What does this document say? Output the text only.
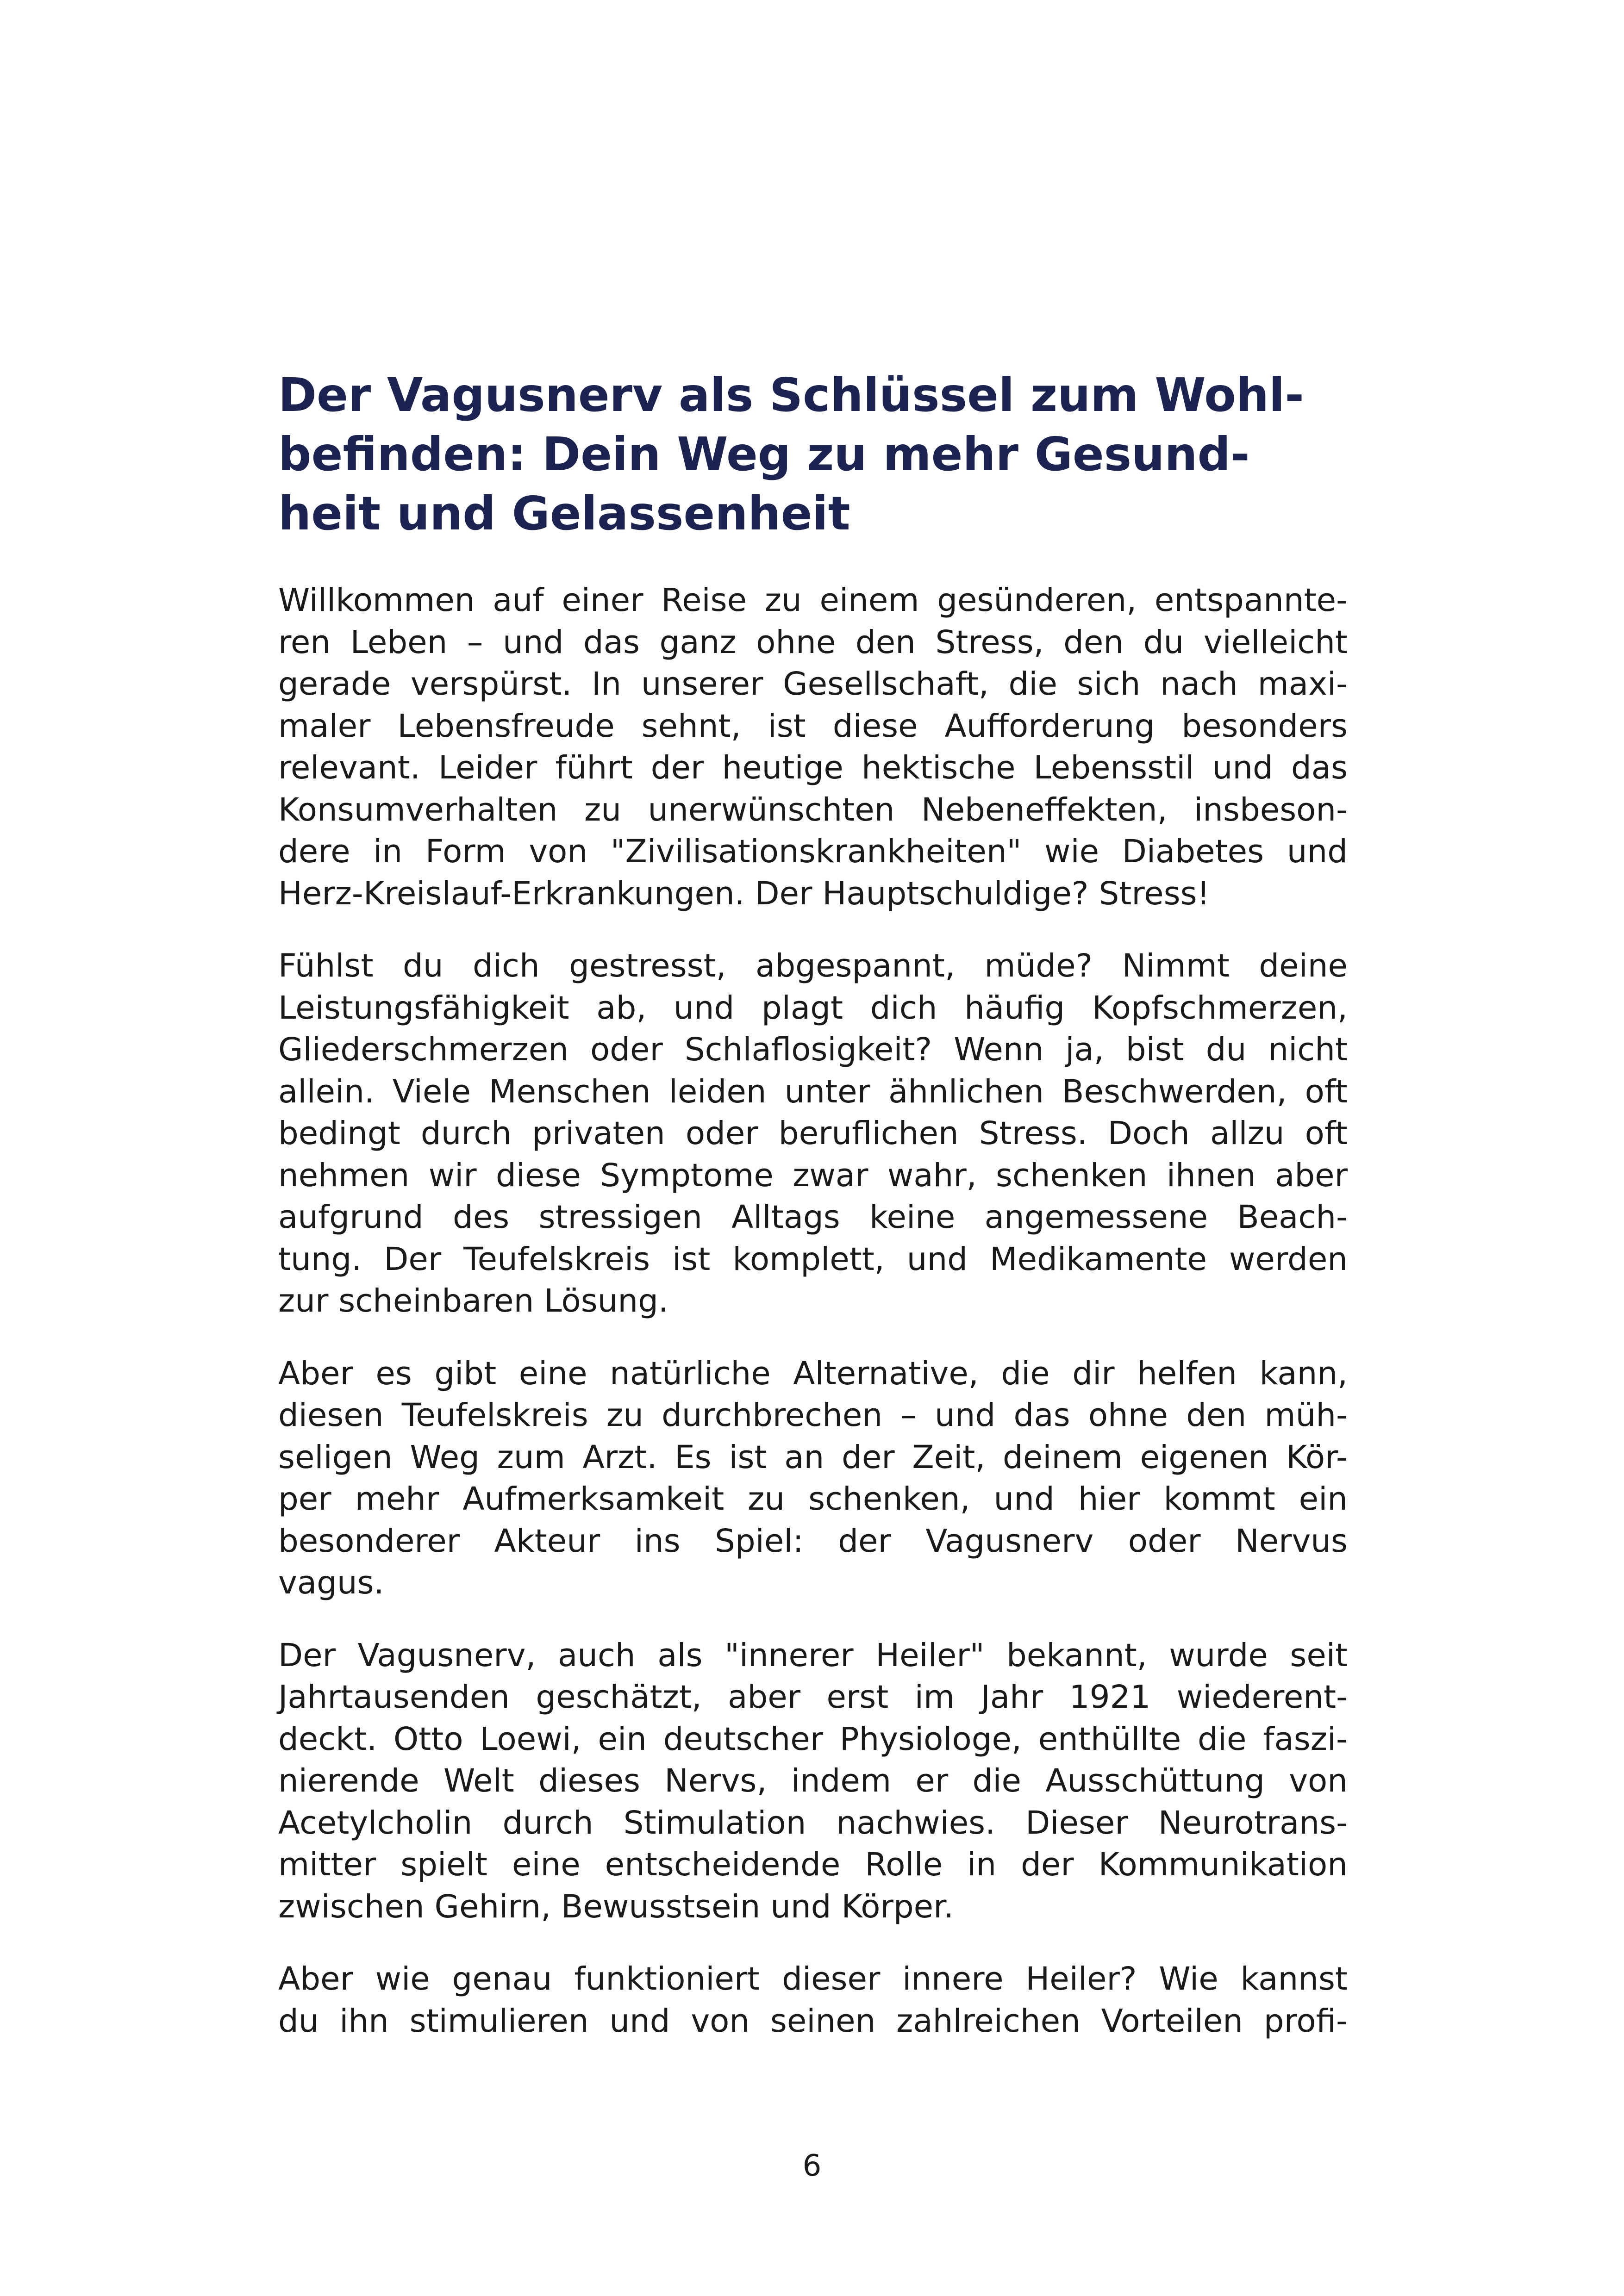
Der Vagusnerv als Schlüssel zum Wohl-
befinden: Dein Weg zu mehr Gesund-
heit und Gelassenheit

Willkommen auf einer Reise zu einem gesünderen, entspannte-
ren Leben – und das ganz ohne den Stress, den du vielleicht
gerade verspürst. In unserer Gesellschaft, die sich nach maxi-
maler Lebensfreude sehnt, ist diese Aufforderung besonders
relevant. Leider führt der heutige hektische Lebensstil und das
Konsumverhalten zu unerwünschten Nebeneffekten, insbeson-
dere in Form von "Zivilisationskrankheiten" wie Diabetes und
Herz-Kreislauf-Erkrankungen. Der Hauptschuldige? Stress!

Fühlst du dich gestresst, abgespannt, müde? Nimmt deine
Leistungsfähigkeit ab, und plagt dich häufig Kopfschmerzen,
Gliederschmerzen oder Schlaflosigkeit? Wenn ja, bist du nicht
allein. Viele Menschen leiden unter ähnlichen Beschwerden, oft
bedingt durch privaten oder beruflichen Stress. Doch allzu oft
nehmen wir diese Symptome zwar wahr, schenken ihnen aber
aufgrund des stressigen Alltags keine angemessene Beach-
tung. Der Teufelskreis ist komplett, und Medikamente werden
zur scheinbaren Lösung.

Aber es gibt eine natürliche Alternative, die dir helfen kann,
diesen Teufelskreis zu durchbrechen – und das ohne den müh-
seligen Weg zum Arzt. Es ist an der Zeit, deinem eigenen Kör-
per mehr Aufmerksamkeit zu schenken, und hier kommt ein
besonderer Akteur ins Spiel: der Vagusnerv oder Nervus
vagus.

Der Vagusnerv, auch als "innerer Heiler" bekannt, wurde seit
Jahrtausenden geschätzt, aber erst im Jahr 1921 wiederent-
deckt. Otto Loewi, ein deutscher Physiologe, enthüllte die faszi-
nierende Welt dieses Nervs, indem er die Ausschüttung von
Acetylcholin durch Stimulation nachwies. Dieser Neurotrans-
mitter spielt eine entscheidende Rolle in der Kommunikation
zwischen Gehirn, Bewusstsein und Körper.

Aber wie genau funktioniert dieser innere Heiler? Wie kannst
du ihn stimulieren und von seinen zahlreichen Vorteilen profi-

6
